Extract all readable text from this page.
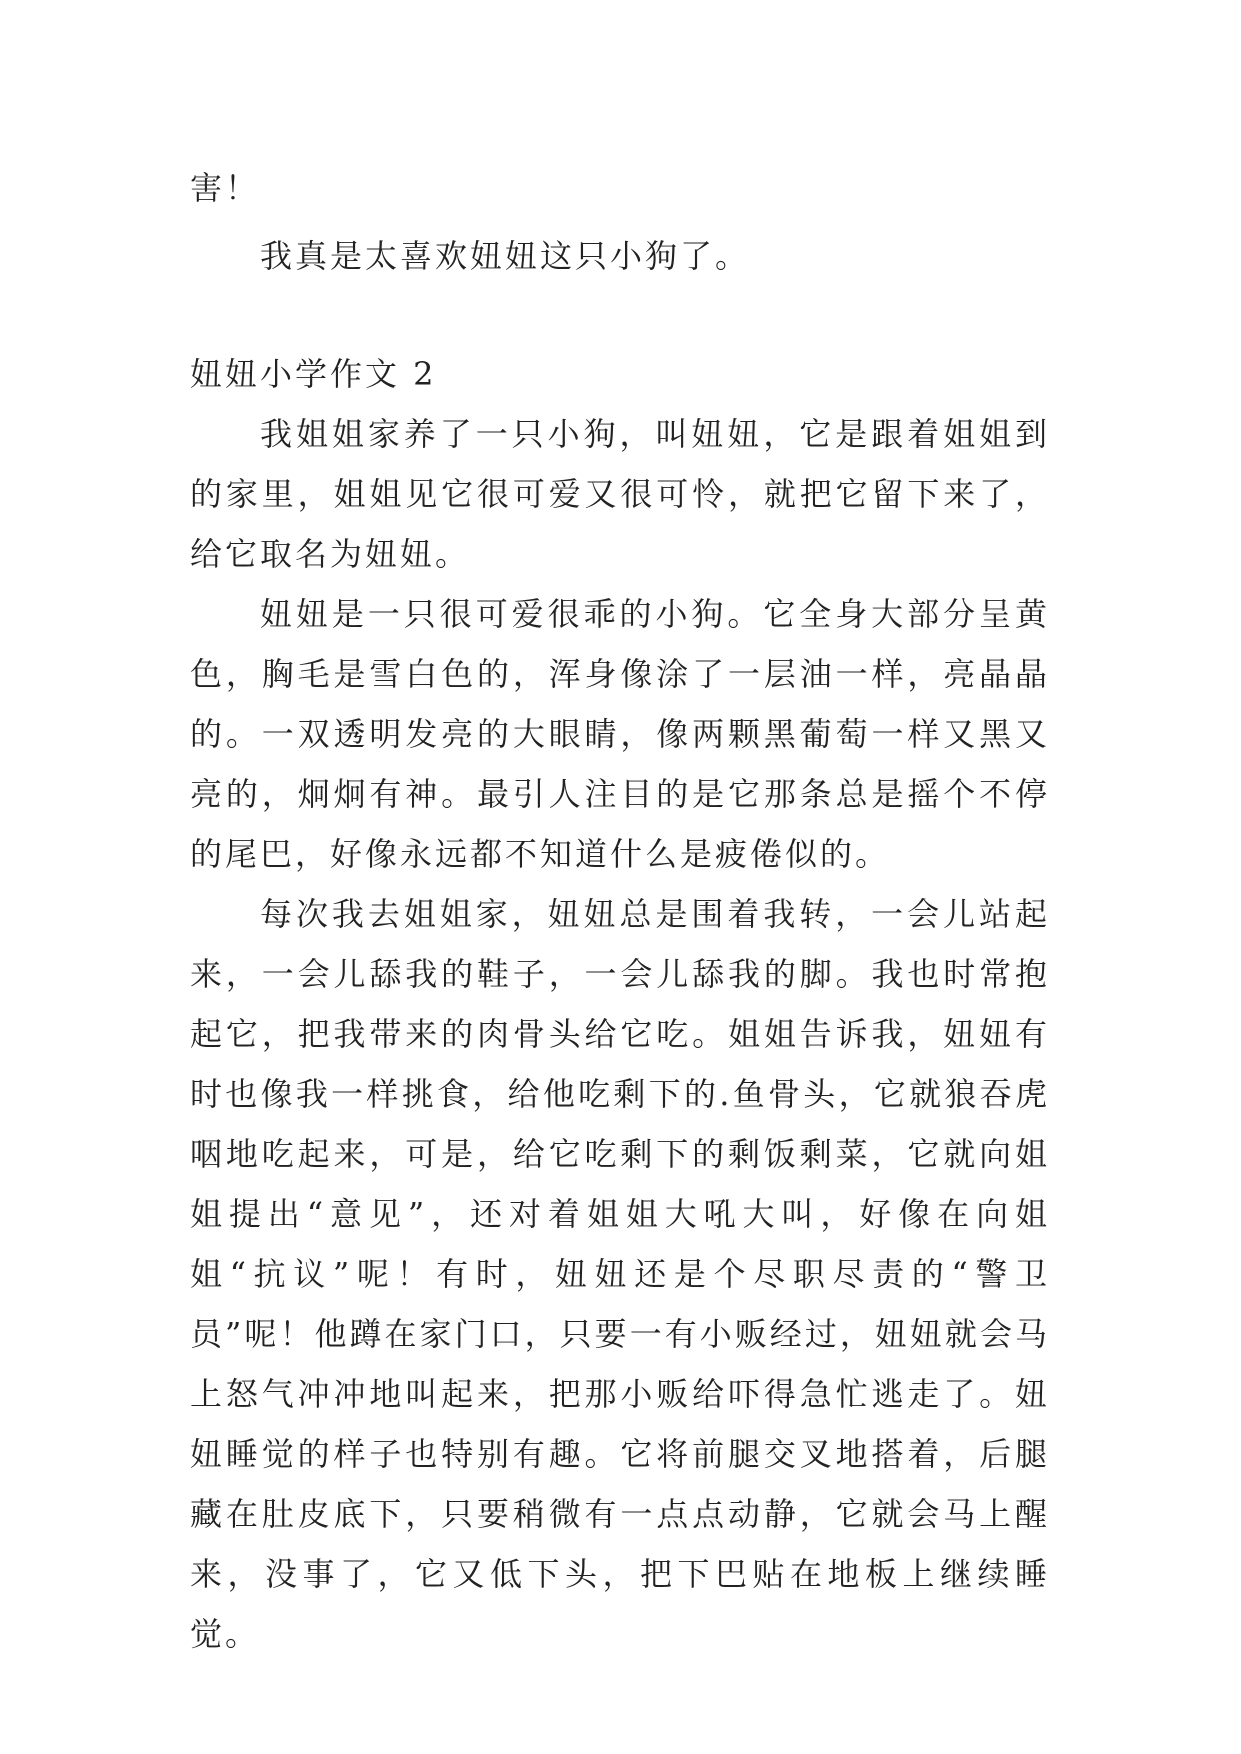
害！

我真是太喜欢妞妞这只小狗了。

妞妞小学作文 2

我姐姐家养了一只小狗，叫妞妞，它是跟着姐姐到的家里，姐姐见它很可爱又很可怜，就把它留下来了，给它取名为妞妞。

妞妞是一只很可爱很乖的小狗。它全身大部分呈黄色，胸毛是雪白色的，浑身像涂了一层油一样，亮晶晶的。一双透明发亮的大眼睛，像两颗黑葡萄一样又黑又亮的，炯炯有神。最引人注目的是它那条总是摇个不停的尾巴，好像永远都不知道什么是疲倦似的。

每次我去姐姐家，妞妞总是围着我转，一会儿站起来，一会儿舔我的鞋子，一会儿舔我的脚。我也时常抱起它，把我带来的肉骨头给它吃。姐姐告诉我，妞妞有时也像我一样挑食，给他吃剩下的.鱼骨头，它就狼吞虎咽地吃起来，可是，给它吃剩下的剩饭剩菜，它就向姐姐提出“意见”，还对着姐姐大吼大叫，好像在向姐姐“抗议”呢！有时，妞妞还是个尽职尽责的“警卫员”呢！他蹲在家门口，只要一有小贩经过，妞妞就会马上怒气冲冲地叫起来，把那小贩给吓得急忙逃走了。妞妞睡觉的样子也特别有趣。它将前腿交叉地搭着，后腿藏在肚皮底下，只要稍微有一点点动静，它就会马上醒来，没事了，它又低下头，把下巴贴在地板上继续睡觉。
